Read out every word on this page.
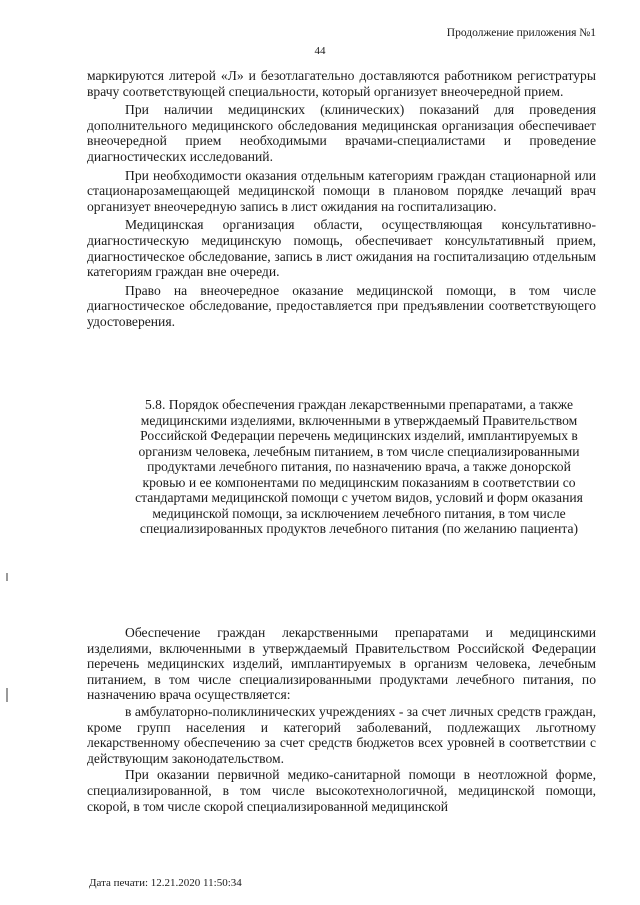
Продолжение приложения №1
44

маркируются литерой «Л» и безотлагательно доставляются работником регистратуры врачу соответствующей специальности, который организует внеочередной прием.

При наличии медицинских (клинических) показаний для проведения дополнительного медицинского обследования медицинская организация обеспечивает внеочередной прием необходимыми врачами-специалистами и проведение диагностических исследований.

При необходимости оказания отдельным категориям граждан стационарной или стационарозамещающей медицинской помощи в плановом порядке лечащий врач организует внеочередную запись в лист ожидания на госпитализацию.

Медицинская организация области, осуществляющая консультативно-диагностическую медицинскую помощь, обеспечивает консультативный прием, диагностическое обследование, запись в лист ожидания на госпитализацию отдельным категориям граждан вне очереди.

Право на внеочередное оказание медицинской помощи, в том числе диагностическое обследование, предоставляется при предъявлении соответствующего удостоверения.

5.8. Порядок обеспечения граждан лекарственными препаратами, а также медицинскими изделиями, включенными в утверждаемый Правительством Российской Федерации перечень медицинских изделий, имплантируемых в организм человека, лечебным питанием, в том числе специализированными продуктами лечебного питания, по назначению врача, а также донорской кровью и ее компонентами по медицинским показаниям в соответствии со стандартами медицинской помощи с учетом видов, условий и форм оказания медицинской помощи, за исключением лечебного питания, в том числе специализированных продуктов лечебного питания (по желанию пациента)

Обеспечение граждан лекарственными препаратами и медицинскими изделиями, включенными в утверждаемый Правительством Российской Федерации перечень медицинских изделий, имплантируемых в организм человека, лечебным питанием, в том числе специализированными продуктами лечебного питания, по назначению врача осуществляется:

в амбулаторно-поликлинических учреждениях - за счет личных средств граждан, кроме групп населения и категорий заболеваний, подлежащих льготному лекарственному обеспечению за счет средств бюджетов всех уровней в соответствии с действующим законодательством.

При оказании первичной медико-санитарной помощи в неотложной форме, специализированной, в том числе высокотехнологичной, медицинской помощи, скорой, в том числе скорой специализированной медицинской

Дата печати: 12.21.2020 11:50:34
